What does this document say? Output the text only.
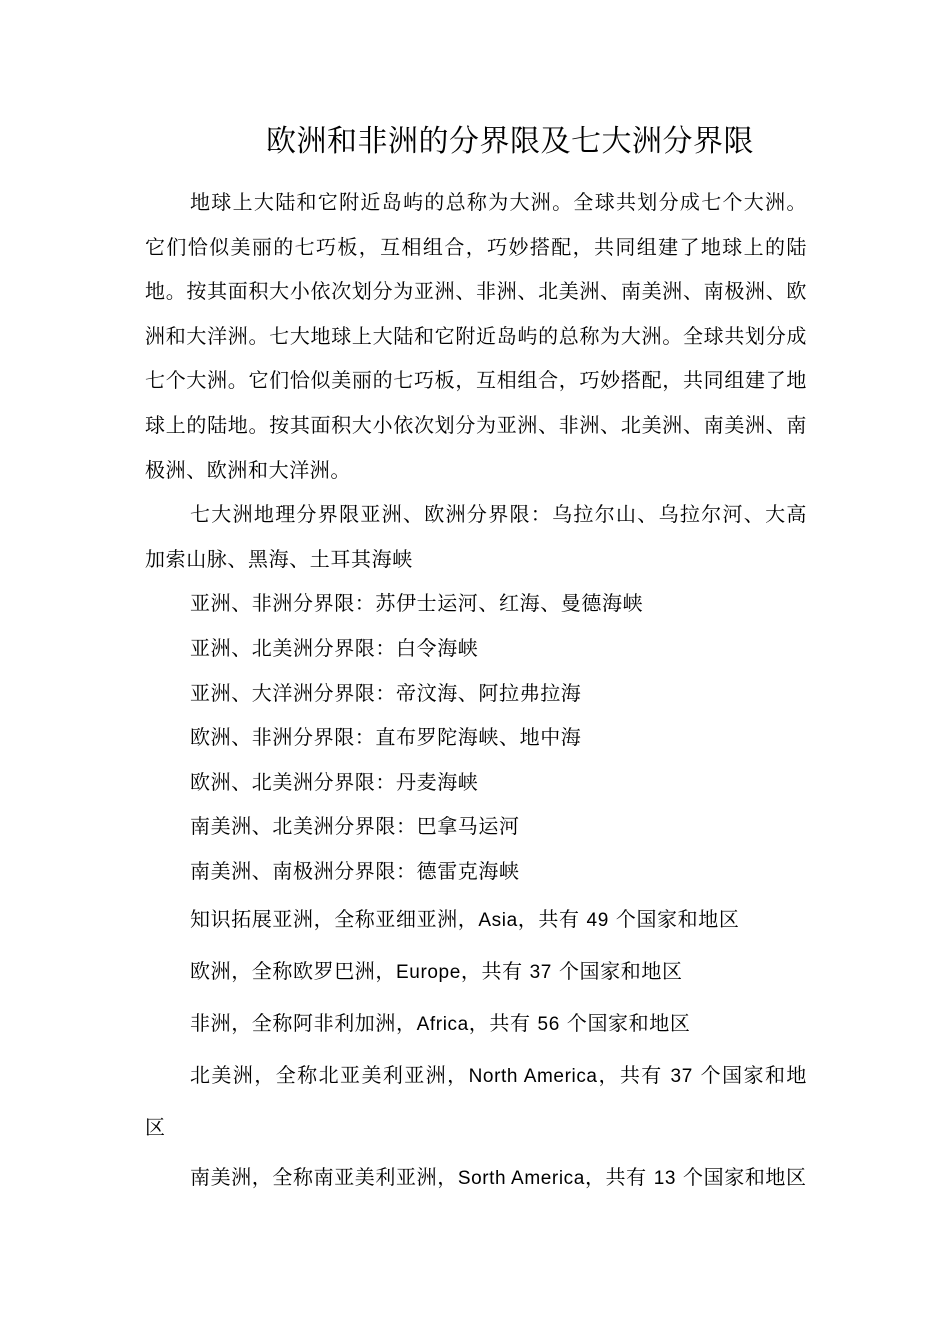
欧洲和非洲的分界限及七大洲分界限

地球上大陆和它附近岛屿的总称为大洲。全球共划分成七个大洲。它们恰似美丽的七巧板，互相组合，巧妙搭配，共同组建了地球上的陆地。按其面积大小依次划分为亚洲、非洲、北美洲、南美洲、南极洲、欧洲和大洋洲。七大地球上大陆和它附近岛屿的总称为大洲。全球共划分成七个大洲。它们恰似美丽的七巧板，互相组合，巧妙搭配，共同组建了地球上的陆地。按其面积大小依次划分为亚洲、非洲、北美洲、南美洲、南极洲、欧洲和大洋洲。

七大洲地理分界限亚洲、欧洲分界限：乌拉尔山、乌拉尔河、大高加索山脉、黑海、土耳其海峡

亚洲、非洲分界限：苏伊士运河、红海、曼德海峡

亚洲、北美洲分界限：白令海峡

亚洲、大洋洲分界限：帝汶海、阿拉弗拉海

欧洲、非洲分界限：直布罗陀海峡、地中海

欧洲、北美洲分界限：丹麦海峡

南美洲、北美洲分界限：巴拿马运河

南美洲、南极洲分界限：德雷克海峡

知识拓展亚洲，全称亚细亚洲，Asia，共有 49 个国家和地区

欧洲，全称欧罗巴洲，Europe，共有 37 个国家和地区

非洲，全称阿非利加洲，Africa，共有 56 个国家和地区

北美洲，全称北亚美利亚洲，North America，共有 37 个国家和地区

南美洲，全称南亚美利亚洲，Sorth America，共有 13 个国家和地区
